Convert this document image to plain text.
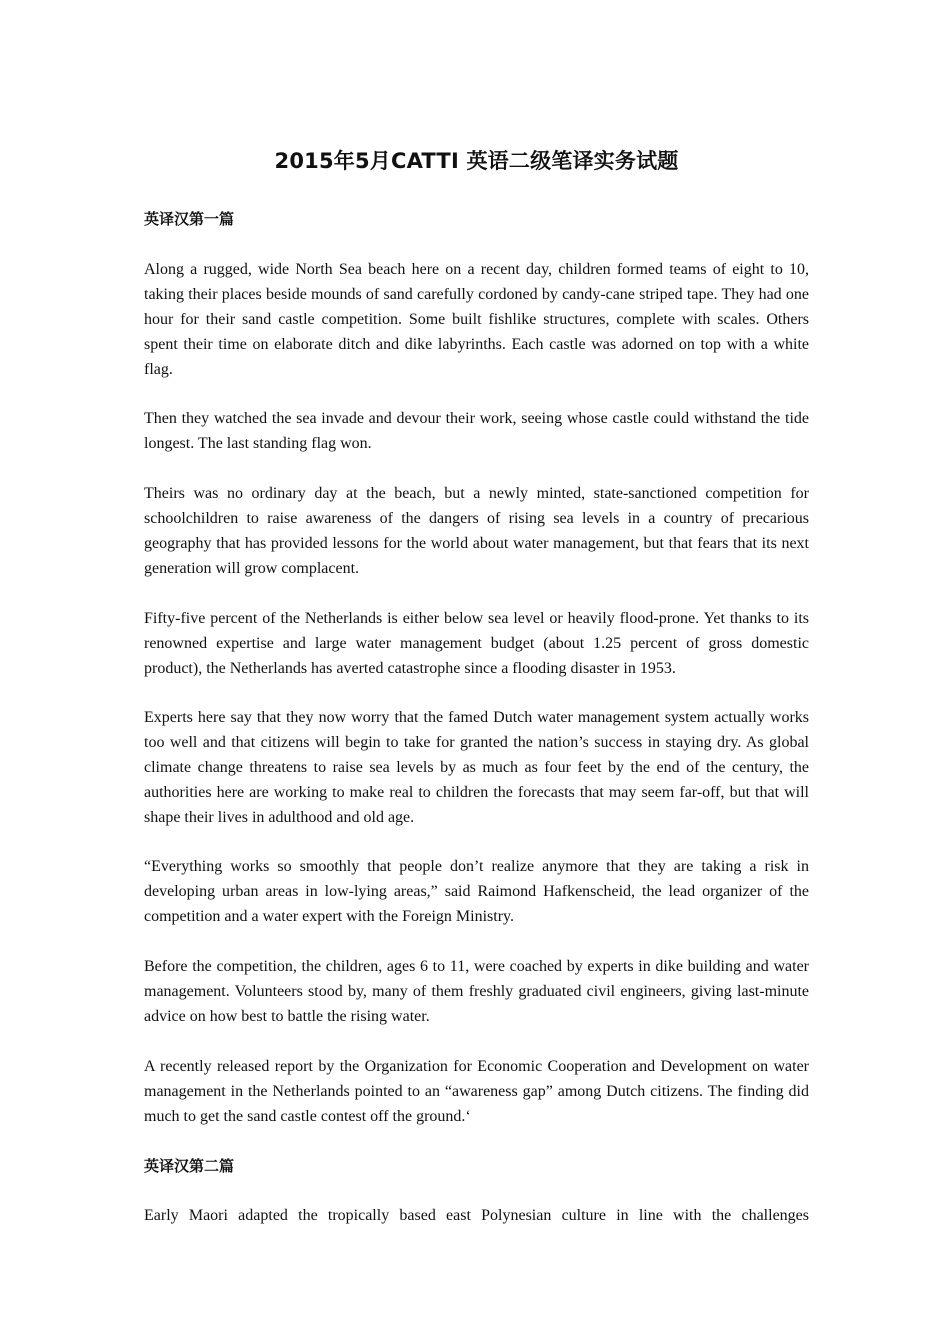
2015年5月CATTI 英语二级笔译实务试题
英译汉第一篇

Along a rugged, wide North Sea beach here on a recent day, children formed teams of eight to 10, taking their places beside mounds of sand carefully cordoned by candy-cane striped tape. They had one hour for their sand castle competition. Some built fishlike structures, complete with scales. Others spent their time on elaborate ditch and dike labyrinths. Each castle was adorned on top with a white flag.

Then they watched the sea invade and devour their work, seeing whose castle could withstand the tide longest. The last standing flag won.

Theirs was no ordinary day at the beach, but a newly minted, state-sanctioned competition for schoolchildren to raise awareness of the dangers of rising sea levels in a country of precarious geography that has provided lessons for the world about water management, but that fears that its next generation will grow complacent.

Fifty-five percent of the Netherlands is either below sea level or heavily flood-prone. Yet thanks to its renowned expertise and large water management budget (about 1.25 percent of gross domestic product), the Netherlands has averted catastrophe since a flooding disaster in 1953.

Experts here say that they now worry that the famed Dutch water management system actually works too well and that citizens will begin to take for granted the nation’s success in staying dry. As global climate change threatens to raise sea levels by as much as four feet by the end of the century, the authorities here are working to make real to children the forecasts that may seem far-off, but that will shape their lives in adulthood and old age.

“Everything works so smoothly that people don’t realize anymore that they are taking a risk in developing urban areas in low-lying areas,” said Raimond Hafkenscheid, the lead organizer of the competition and a water expert with the Foreign Ministry.

Before the competition, the children, ages 6 to 11, were coached by experts in dike building and water management. Volunteers stood by, many of them freshly graduated civil engineers, giving last-minute advice on how best to battle the rising water.

A recently released report by the Organization for Economic Cooperation and Development on water management in the Netherlands pointed to an “awareness gap” among Dutch citizens. The finding did much to get the sand castle contest off the ground.‘

英译汉第二篇

Early Maori adapted the tropically based east Polynesian culture in line with the challenges
